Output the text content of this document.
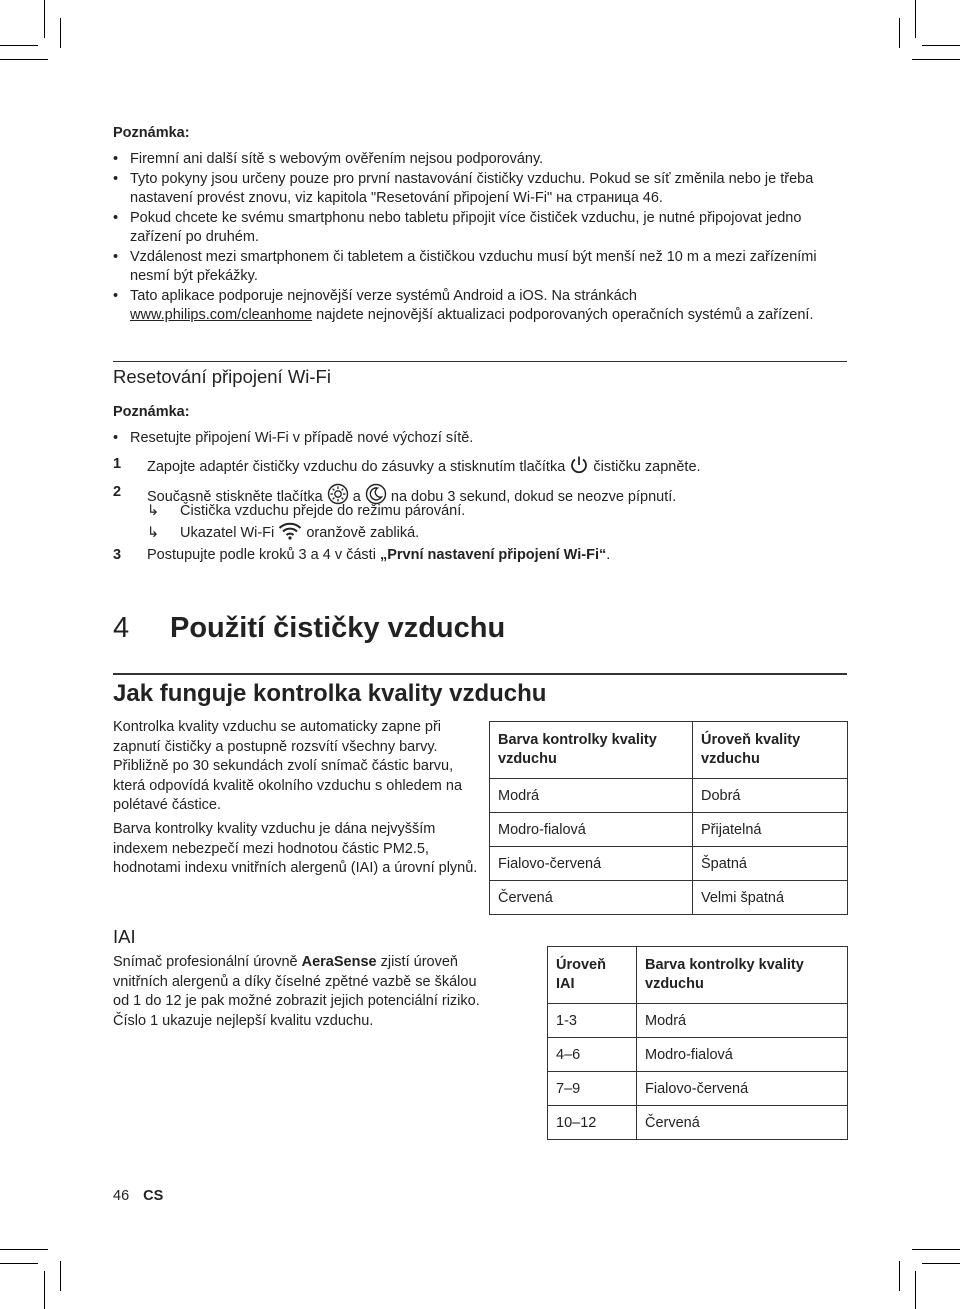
Poznámka:
• Firemní ani další sítě s webovým ověřením nejsou podporovány.
• Tyto pokyny jsou určeny pouze pro první nastavování čističky vzduchu. Pokud se síť změnila nebo je třeba nastavení provést znovu, viz kapitola "Resetování připojení Wi-Fi" на страница 46.
• Pokud chcete ke svému smartphonu nebo tabletu připojit více čističek vzduchu, je nutné připojovat jedno zařízení po druhém.
• Vzdálenost mezi smartphonem či tabletem a čističkou vzduchu musí být menší než 10 m a mezi zařízeními nesmí být překážky.
• Tato aplikace podporuje nejnovější verze systémů Android a iOS. Na stránkách
www.philips.com/cleanhome najdete nejnovější aktualizaci podporovaných operačních systémů a zařízení.
Resetování připojení Wi-Fi
Poznámka:
• Resetujte připojení Wi-Fi v případě nové výchozí sítě.
1 Zapojte adaptér čističky vzduchu do zásuvky a stisknutím tlačítka  čističku zapněte.
2 Současně stiskněte tlačítka  a  na dobu 3 sekund, dokud se neozve pípnutí.
↳ Čistička vzduchu přejde do režimu párování.
↳ Ukazatel Wi-Fi  oranžově zabliká.
3 Postupujte podle kroků 3 a 4 v části „První nastavení připojení Wi-Fi“.
4 Použití čističky vzduchu
Jak funguje kontrolka kvality vzduchu
Kontrolka kvality vzduchu se automaticky zapne při zapnutí čističky a postupně rozsvítí všechny barvy. Přibližně po 30 sekundách zvolí snímač částic barvu, která odpovídá kvalitě okolního vzduchu s ohledem na polétavé částice.
Barva kontrolky kvality vzduchu je dána nejvyšším indexem nebezpečí mezi hodnotou částic PM2.5, hodnotami indexu vnitřních alergenů (IAI) a úrovní plynů.
Barva kontrolky kvality vzduchu	Úroveň kvality vzduchu
Modrá	Dobrá
Modro-fialová	Přijatelná
Fialovo-červená	Špatná
Červená	Velmi špatná
IAI
Snímač profesionální úrovně AeraSense zjistí úroveň vnitřních alergenů a díky číselné zpětné vazbě se škálou od 1 do 12 je pak možné zobrazit jejich potenciální riziko. Číslo 1 ukazuje nejlepší kvalitu vzduchu.
Úroveň IAI	Barva kontrolky kvality vzduchu
1-3	Modrá
4–6	Modro-fialová
7–9	Fialovo-červená
10–12	Červená
46 CS
